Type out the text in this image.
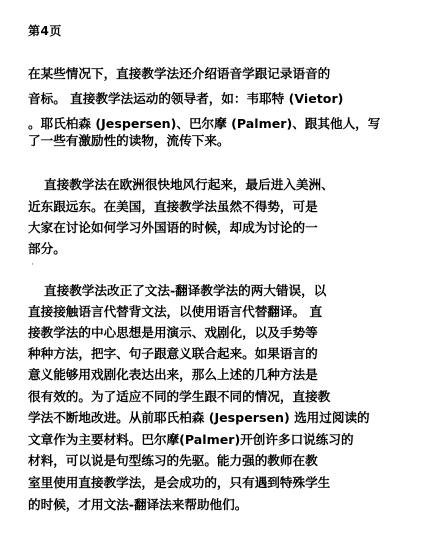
第4页
在某些情况下，直接教学法还介绍语音学跟记录语音的
音标。 直接教学法运动的领导者，如：韦耶特 (Vietor)
。耶氏柏森 (Jespersen)、巴尔摩 (Palmer)、跟其他人，写
了一些有激励性的读物，流传下来。
直接教学法在欧洲很快地风行起来，最后进入美洲、
近东跟远东。在美国，直接教学法虽然不得势，可是
大家在讨论如何学习外国语的时候，却成为讨论的一
部分。
·
直接教学法改正了文法-翻译教学法的两大错误，以
直接接触语言代替背文法，以使用语言代替翻译。 直
接教学法的中心思想是用演示、戏剧化，以及手势等
种种方法，把字、句子跟意义联合起来。如果语言的
意义能够用戏剧化表达出来，那么上述的几种方法是
很有效的。为了适应不同的学生跟不同的情况，直接教
学法不断地改进。从前耶氏柏森 (Jespersen) 选用过阅读的
文章作为主要材料。巴尔摩(Palmer)开创许多口说练习的
材料，可以说是句型练习的先驱。能力强的教师在教
室里使用直接教学法，是会成功的，只有遇到特殊学生
的时候，才用文法-翻译法来帮助他们。
